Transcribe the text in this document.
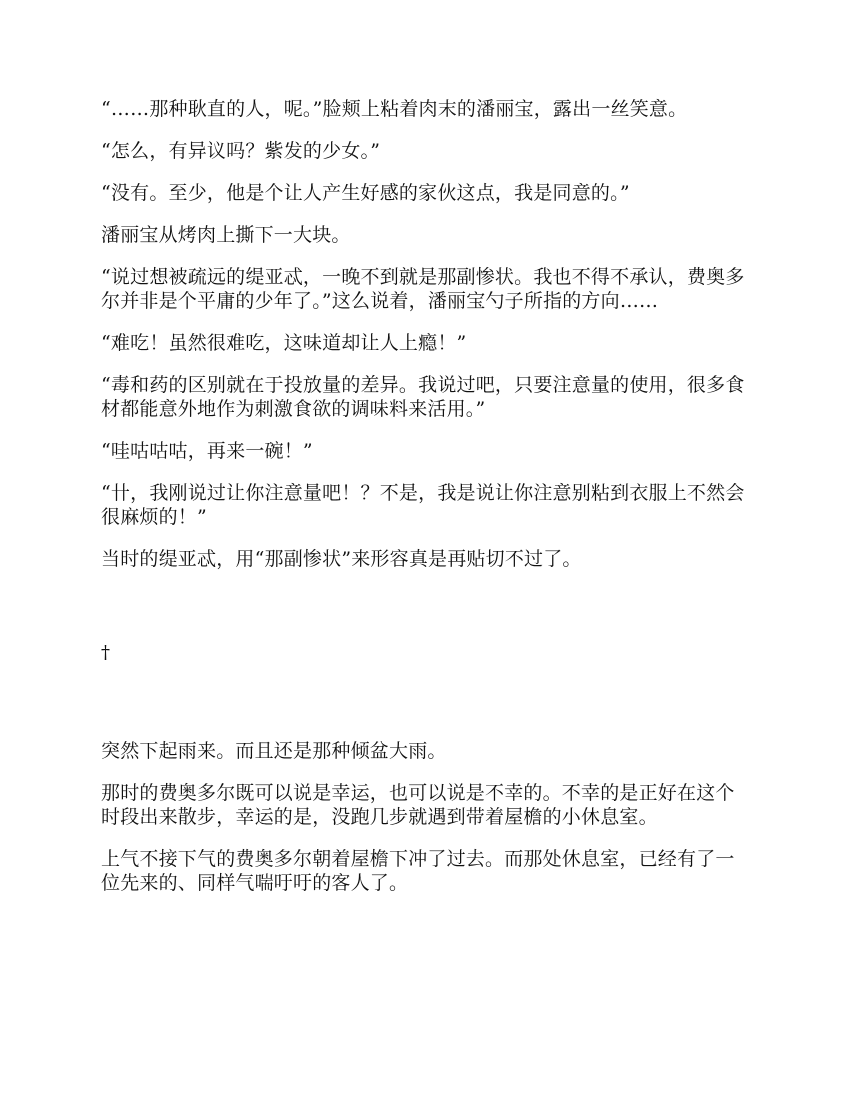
“……那种耿直的人，呢。”脸颊上粘着肉末的潘丽宝，露出一丝笑意。

“怎么，有异议吗？紫发的少女。”

“没有。至少，他是个让人产生好感的家伙这点，我是同意的。”

潘丽宝从烤肉上撕下一大块。

“说过想被疏远的缇亚忒，一晚不到就是那副惨状。我也不得不承认，费奥多尔并非是个平庸的少年了。”这么说着，潘丽宝勺子所指的方向……

“难吃！虽然很难吃，这味道却让人上瘾！”

“毒和药的区别就在于投放量的差异。我说过吧，只要注意量的使用，很多食材都能意外地作为刺激食欲的调味料来活用。”

“哇咕咕咕，再来一碗！”

“卄，我刚说过让你注意量吧！？不是，我是说让你注意别粘到衣服上不然会很麻烦的！”

当时的缇亚忒，用“那副惨状”来形容真是再贴切不过了。

†

突然下起雨来。而且还是那种倾盆大雨。

那时的费奥多尔既可以说是幸运，也可以说是不幸的。不幸的是正好在这个时段出来散步，幸运的是，没跑几步就遇到带着屋檐的小休息室。

上气不接下气的费奥多尔朝着屋檐下冲了过去。而那处休息室，已经有了一位先来的、同样气喘吁吁的客人了。
